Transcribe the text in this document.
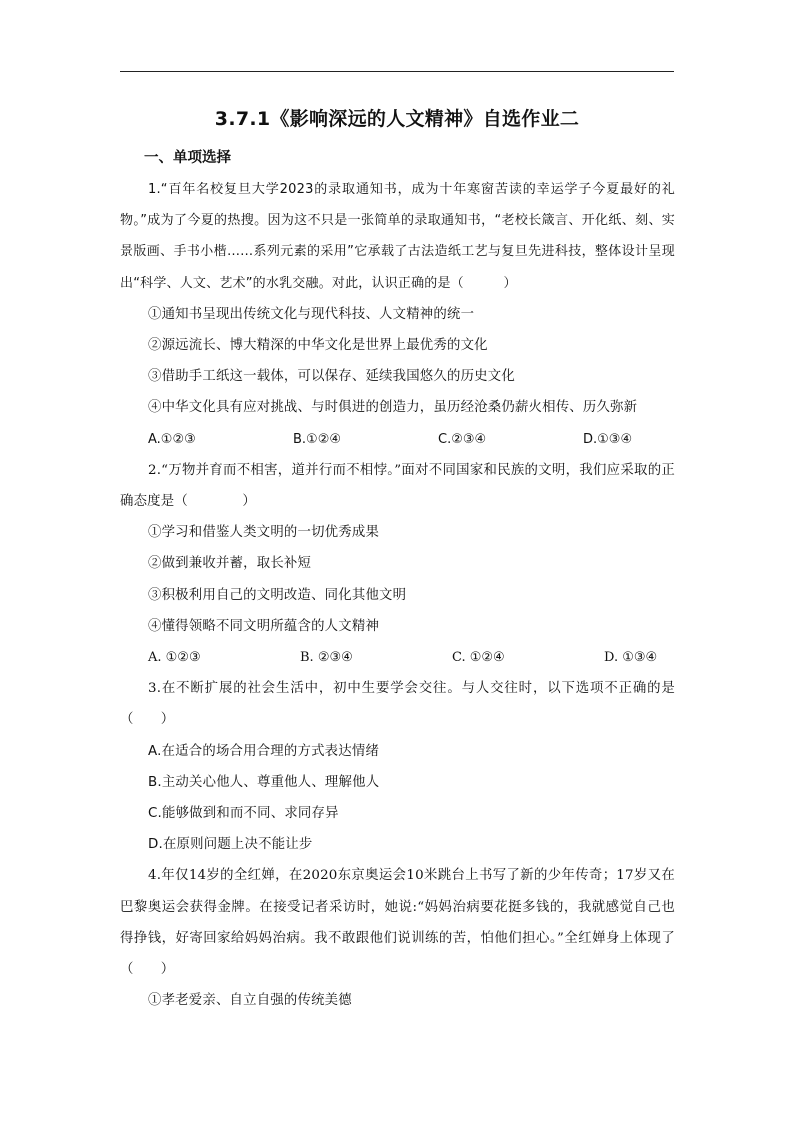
3.7.1《影响深远的人文精神》自选作业二
一、单项选择

1.“百年名校复旦大学2023的录取通知书，成为十年寒窗苦读的幸运学子今夏最好的礼物。”成为了今夏的热搜。因为这不只是一张简单的录取通知书，“老校长箴言、开化纸、刻、实景版画、手书小楷……系列元素的采用”它承载了古法造纸工艺与复旦先进科技，整体设计呈现出“科学、人文、艺术”的水乳交融。对此，认识正确的是（　　　）

①通知书呈现出传统文化与现代科技、人文精神的统一

②源远流长、博大精深的中华文化是世界上最优秀的文化

③借助手工纸这一载体，可以保存、延续我国悠久的历史文化

④中华文化具有应对挑战、与时俱进的创造力，虽历经沧桑仍薪火相传、历久弥新

A.①②③	B.①②④	C.②③④	D.①③④

2.“万物并育而不相害，道并行而不相悖。”面对不同国家和民族的文明，我们应采取的正确态度是（　　　　）

①学习和借鉴人类文明的一切优秀成果

②做到兼收并蓄，取长补短

③积极利用自己的文明改造、同化其他文明

④懂得领略不同文明所蕴含的人文精神

A. ①②③	B. ②③④	C. ①②④	D. ①③④

3.在不断扩展的社会生活中，初中生要学会交往。与人交往时，以下选项不正确的是（　　）

A.在适合的场合用合理的方式表达情绪

B.主动关心他人、尊重他人、理解他人

C.能够做到和而不同、求同存异

D.在原则问题上决不能让步

4.年仅14岁的全红婵，在2020东京奥运会10米跳台上书写了新的少年传奇；17岁又在巴黎奥运会获得金牌。在接受记者采访时，她说:“妈妈治病要花挺多钱的，我就感觉自己也得挣钱，好寄回家给妈妈治病。我不敢跟他们说训练的苦，怕他们担心。”全红婵身上体现了（　　）

①孝老爱亲、自立自强的传统美德
